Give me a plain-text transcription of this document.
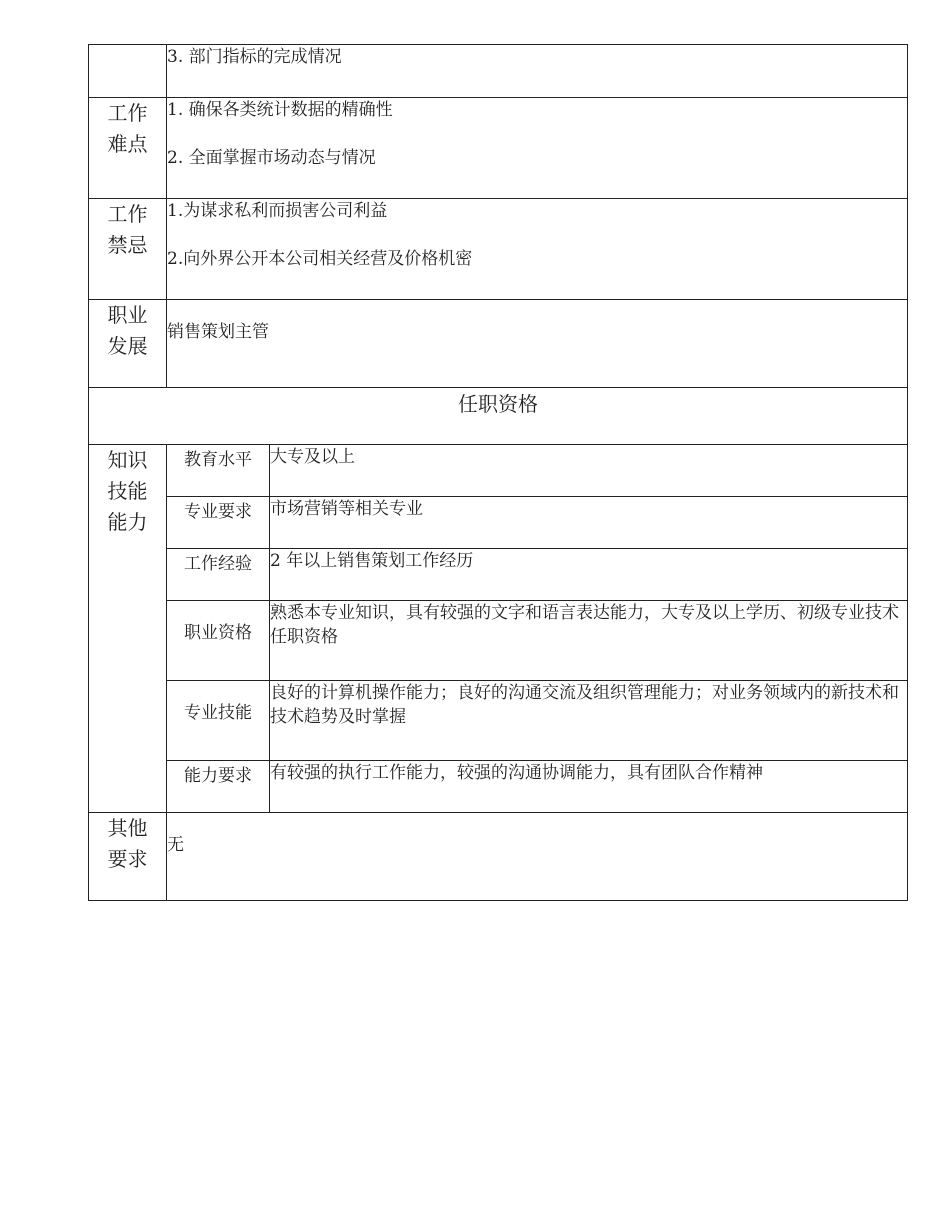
	3. 部门指标的完成情况	

工作难点	1. 确保各类统计数据的精确性

2. 全面掌握市场动态与情况	

工作禁忌	1.为谋求私利而损害公司利益

2.向外界公开本公司相关经营及价格机密	

职业发展	销售策划主管	

任职资格		
知识技能能力	教育水平	大专及以上
	专业要求	市场营销等相关专业
	工作经验	2 年以上销售策划工作经历
	职业资格	熟悉本专业知识，具有较强的文字和语言表达能力，大专及以上学历、初级专业技术任职资格
	专业技能	良好的计算机操作能力；良好的沟通交流及组织管理能力；对业务领域内的新技术和技术趋势及时掌握
	能力要求	有较强的执行工作能力，较强的沟通协调能力，具有团队合作精神
其他要求	无	
